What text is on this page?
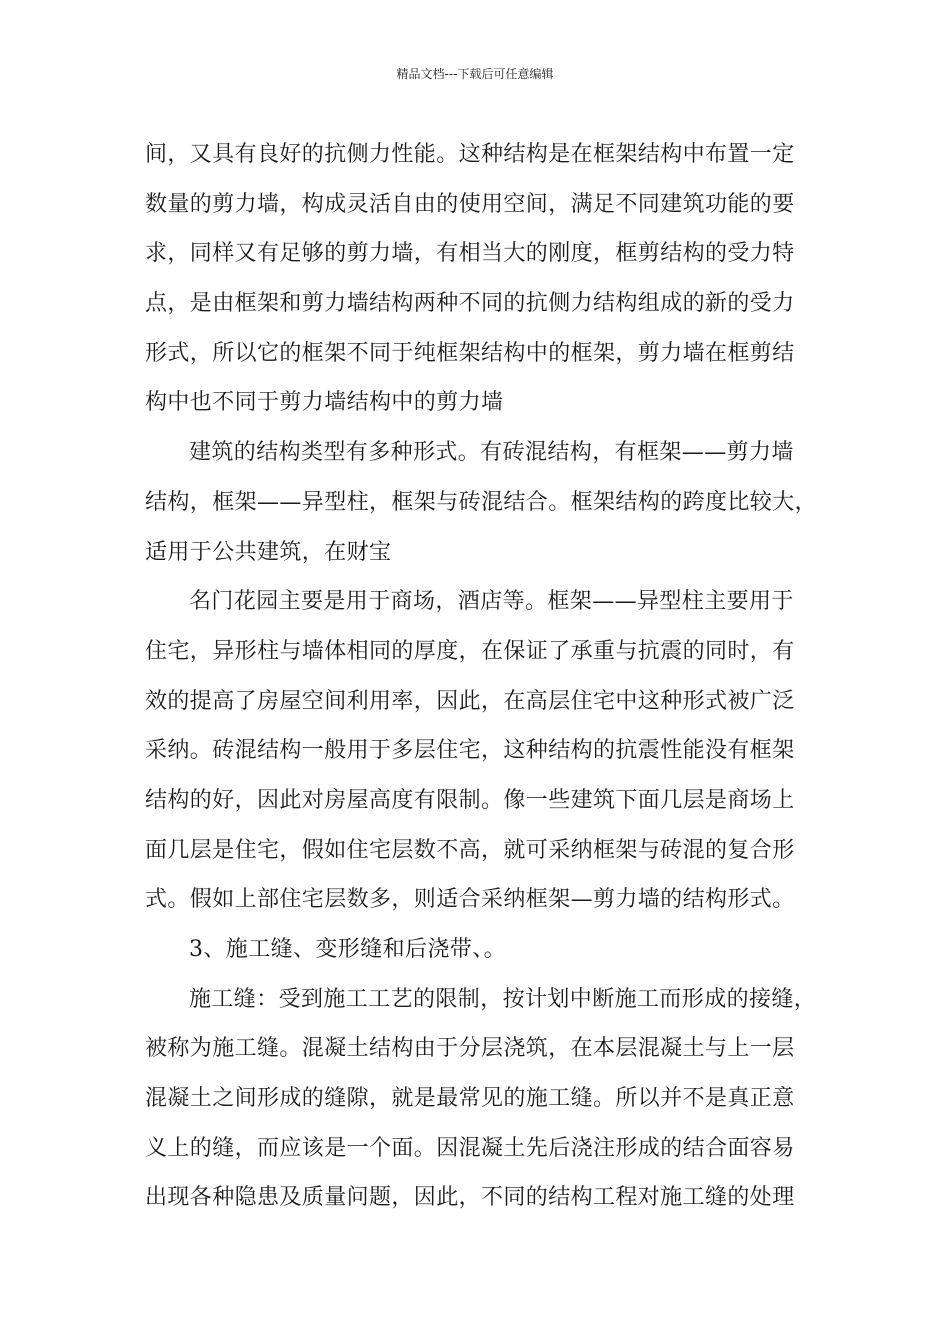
精品文档---下载后可任意编辑
间，又具有良好的抗侧力性能。这种结构是在框架结构中布置一定
数量的剪力墙，构成灵活自由的使用空间，满足不同建筑功能的要
求，同样又有足够的剪力墙，有相当大的刚度，框剪结构的受力特
点，是由框架和剪力墙结构两种不同的抗侧力结构组成的新的受力
形式，所以它的框架不同于纯框架结构中的框架，剪力墙在框剪结
构中也不同于剪力墙结构中的剪力墙
建筑的结构类型有多种形式。有砖混结构，有框架——剪力墙
结构，框架——异型柱，框架与砖混结合。框架结构的跨度比较大，
适用于公共建筑，在财宝
名门花园主要是用于商场，酒店等。框架——异型柱主要用于
住宅，异形柱与墙体相同的厚度，在保证了承重与抗震的同时，有
效的提高了房屋空间利用率，因此，在高层住宅中这种形式被广泛
采纳。砖混结构一般用于多层住宅，这种结构的抗震性能没有框架
结构的好，因此对房屋高度有限制。像一些建筑下面几层是商场上
面几层是住宅，假如住宅层数不高，就可采纳框架与砖混的复合形
式。假如上部住宅层数多，则适合采纳框架—剪力墙的结构形式。
3、施工缝、变形缝和后浇带、。
施工缝：受到施工工艺的限制，按计划中断施工而形成的接缝，
被称为施工缝。混凝土结构由于分层浇筑，在本层混凝土与上一层
混凝土之间形成的缝隙，就是最常见的施工缝。所以并不是真正意
义上的缝，而应该是一个面。因混凝土先后浇注形成的结合面容易
出现各种隐患及质量问题，因此，不同的结构工程对施工缝的处理
